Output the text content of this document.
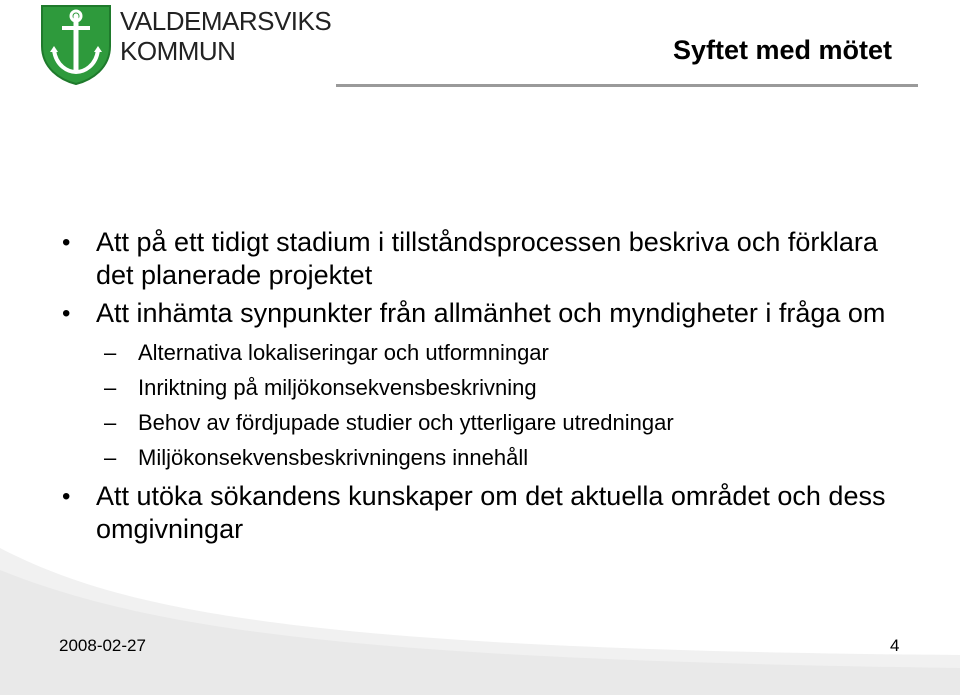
VALDEMARSVIKS
KOMMUN	Syftet med mötet
• Att på ett tidigt stadium i tillståndsprocessen beskriva och förklara det planerade projektet
• Att inhämta synpunkter från allmänhet och myndigheter i fråga om
– Alternativa lokaliseringar och utformningar
– Inriktning på miljökonsekvensbeskrivning
– Behov av fördjupade studier och ytterligare utredningar
– Miljökonsekvensbeskrivningens innehåll
• Att utöka sökandens kunskaper om det aktuella området och dess omgivningar
2008-02-27	4
